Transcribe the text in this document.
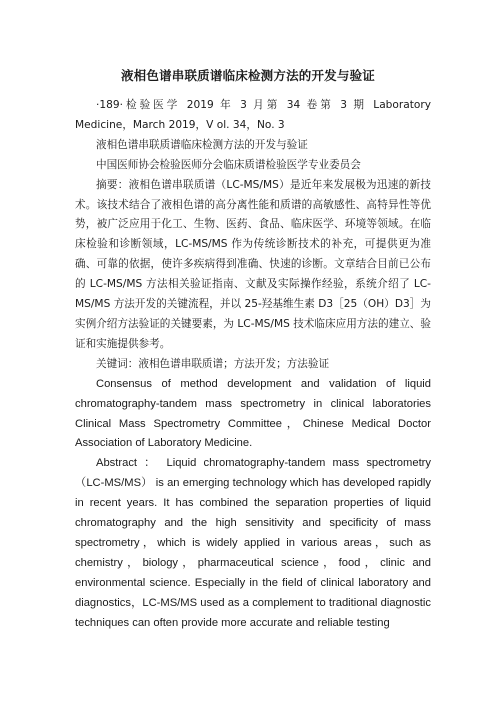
液相色谱串联质谱临床检测方法的开发与验证

·189·检验医学 2019 年 3 月第 34 卷第 3 期 Laboratory Medicine，March 2019，V ol. 34，No. 3

液相色谱串联质谱临床检测方法的开发与验证

中国医师协会检验医师分会临床质谱检验医学专业委员会

摘要：液相色谱串联质谱（LC-MS/MS）是近年来发展极为迅速的新技术。该技术结合了液相色谱的高分离性能和质谱的高敏感性、高特异性等优势，被广泛应用于化工、生物、医药、食品、临床医学、环境等领域。在临床检验和诊断领域，LC-MS/MS 作为传统诊断技术的补充，可提供更为准确、可靠的依据，使许多疾病得到准确、快速的诊断。文章结合目前已公布的 LC-MS/MS 方法相关验证指南、文献及实际操作经验，系统介绍了 LC-MS/MS 方法开发的关键流程，并以 25-羟基维生素 D3［25（OH）D3］为实例介绍方法验证的关键要素，为 LC-MS/MS 技术临床应用方法的建立、验证和实施提供参考。

关键词：液相色谱串联质谱；方法开发；方法验证

Consensus of method development and validation of liquid chromatography-tandem mass spectrometry in clinical laboratories Clinical Mass Spectrometry Committee，Chinese Medical Doctor Association of Laboratory Medicine.

Abstract ： Liquid chromatography-tandem mass spectrometry （LC-MS/MS） is an emerging technology which has developed rapidly in recent years. It has combined the separation properties of liquid chromatography and the high sensitivity and specificity of mass spectrometry，which is widely applied in various areas，such as chemistry，biology，pharmaceutical science，food，clinic and environmental science. Especially in the field of clinical laboratory and diagnostics，LC-MS/MS used as a complement to traditional diagnostic techniques can often provide more accurate and reliable testing
